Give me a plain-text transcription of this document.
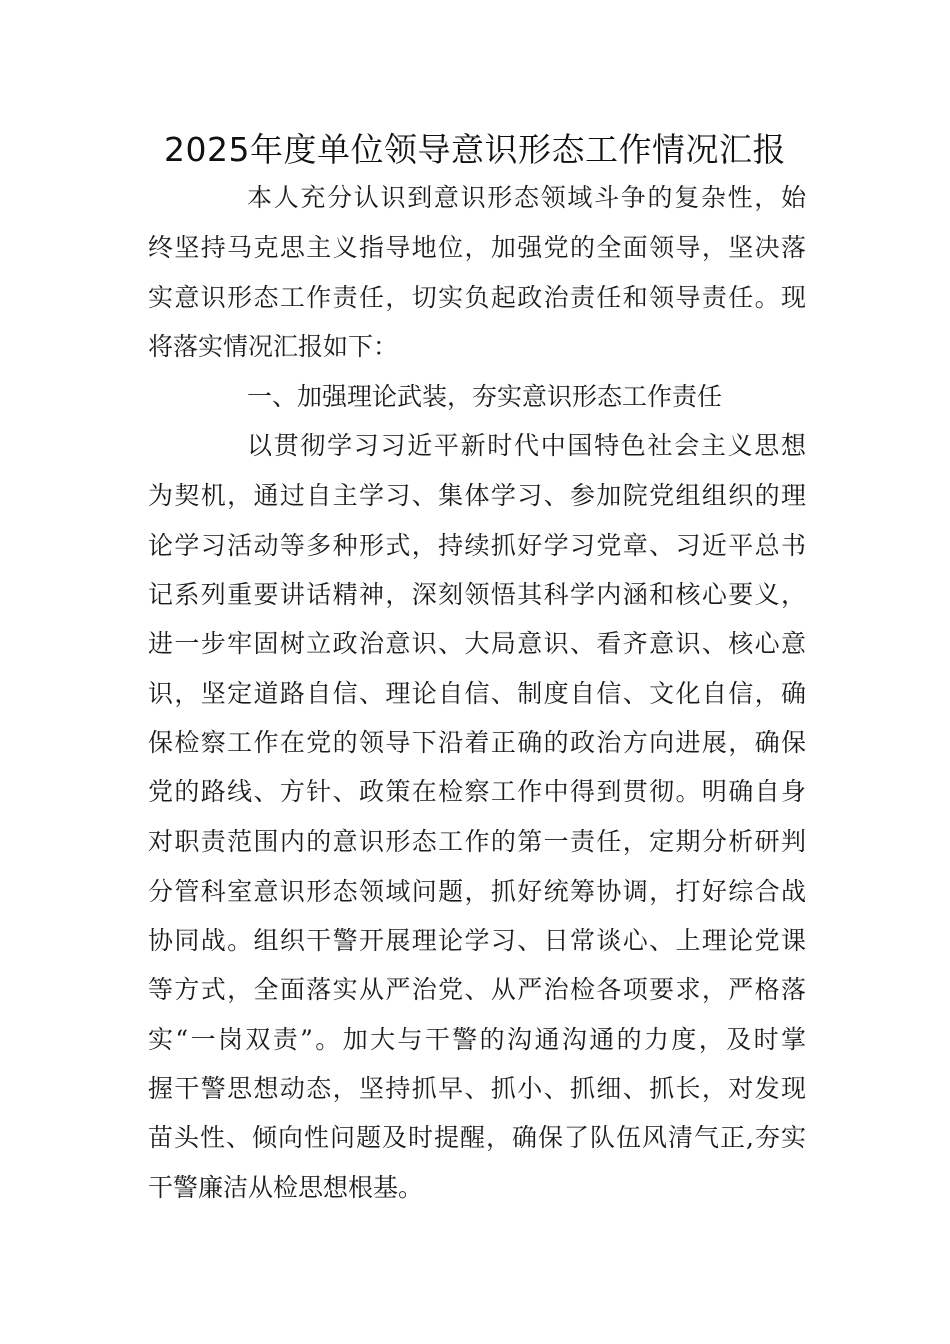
2025年度单位领导意识形态工作情况汇报
本人充分认识到意识形态领域斗争的复杂性，始
终坚持马克思主义指导地位，加强党的全面领导，坚决落
实意识形态工作责任，切实负起政治责任和领导责任。现
将落实情况汇报如下：
一、加强理论武装，夯实意识形态工作责任
以贯彻学习习近平新时代中国特色社会主义思想
为契机，通过自主学习、集体学习、参加院党组组织的理
论学习活动等多种形式，持续抓好学习党章、习近平总书
记系列重要讲话精神，深刻领悟其科学内涵和核心要义，
进一步牢固树立政治意识、大局意识、看齐意识、核心意
识，坚定道路自信、理论自信、制度自信、文化自信，确
保检察工作在党的领导下沿着正确的政治方向进展，确保
党的路线、方针、政策在检察工作中得到贯彻。明确自身
对职责范围内的意识形态工作的第一责任，定期分析研判
分管科室意识形态领域问题，抓好统筹协调，打好综合战
协同战。组织干警开展理论学习、日常谈心、上理论党课
等方式，全面落实从严治党、从严治检各项要求，严格落
实“一岗双责”。加大与干警的沟通沟通的力度，及时掌
握干警思想动态，坚持抓早、抓小、抓细、抓长，对发现
苗头性、倾向性问题及时提醒，确保了队伍风清气正,夯实
干警廉洁从检思想根基。
